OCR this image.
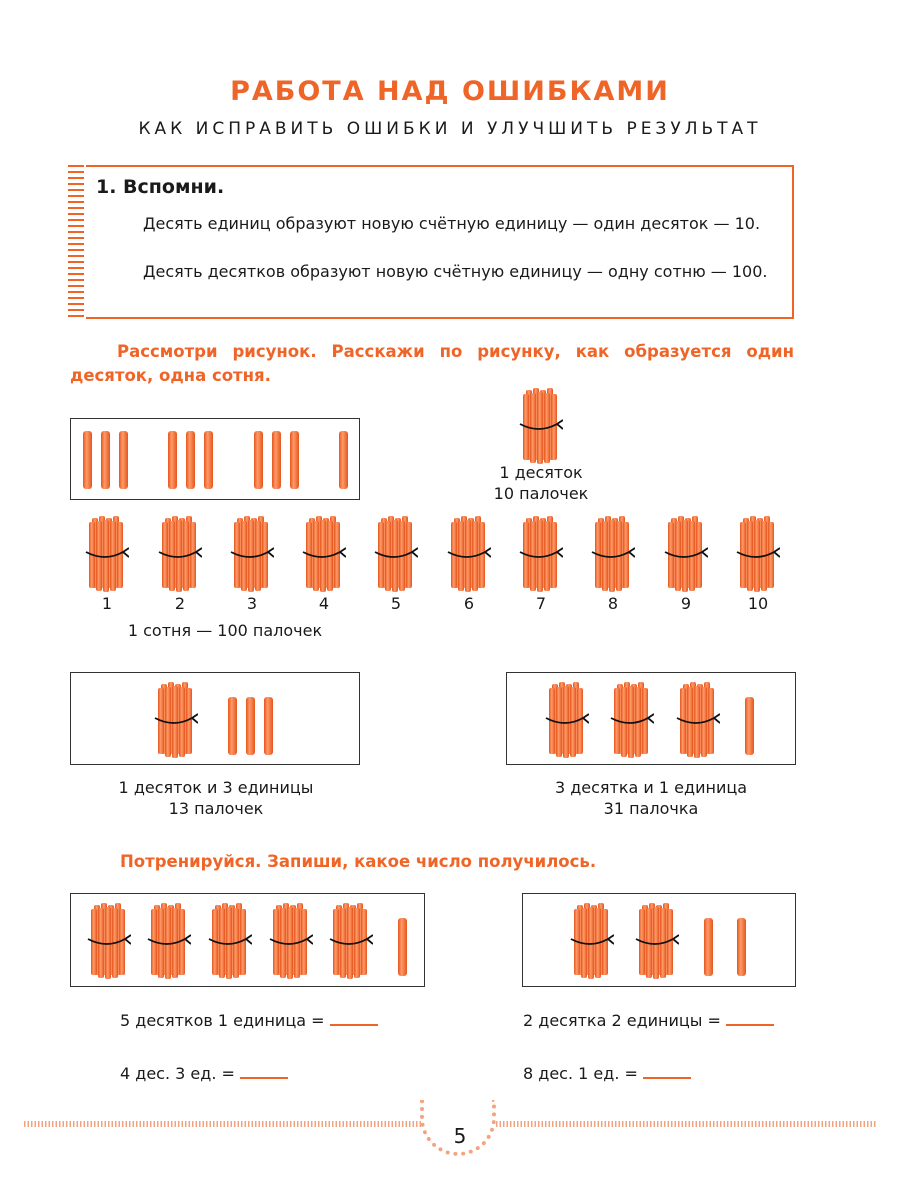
РАБОТА НАД ОШИБКАМИ
КАК ИСПРАВИТЬ ОШИБКИ И УЛУЧШИТЬ РЕЗУЛЬТАТ
1. Вспомни.
Десять единиц образуют новую счётную единицу — один десяток — 10.
Десять десятков образуют новую счётную единицу — одну сотню — 100.
Рассмотри рисунок. Расскажи по рисунку, как образуется один десяток, одна сотня.
1 десяток
10 палочек
1	2	3	4	5	6	7	8	9	10
1 сотня — 100 палочек
1 десяток и 3 единицы
13 палочек
3 десятка и 1 единица
31 палочка
Потренируйся. Запиши, какое число получилось.
5 десятков 1 единица =	2 десятка 2 единицы =
4 дес. 3 ед. =	8 дес. 1 ед. =
5
